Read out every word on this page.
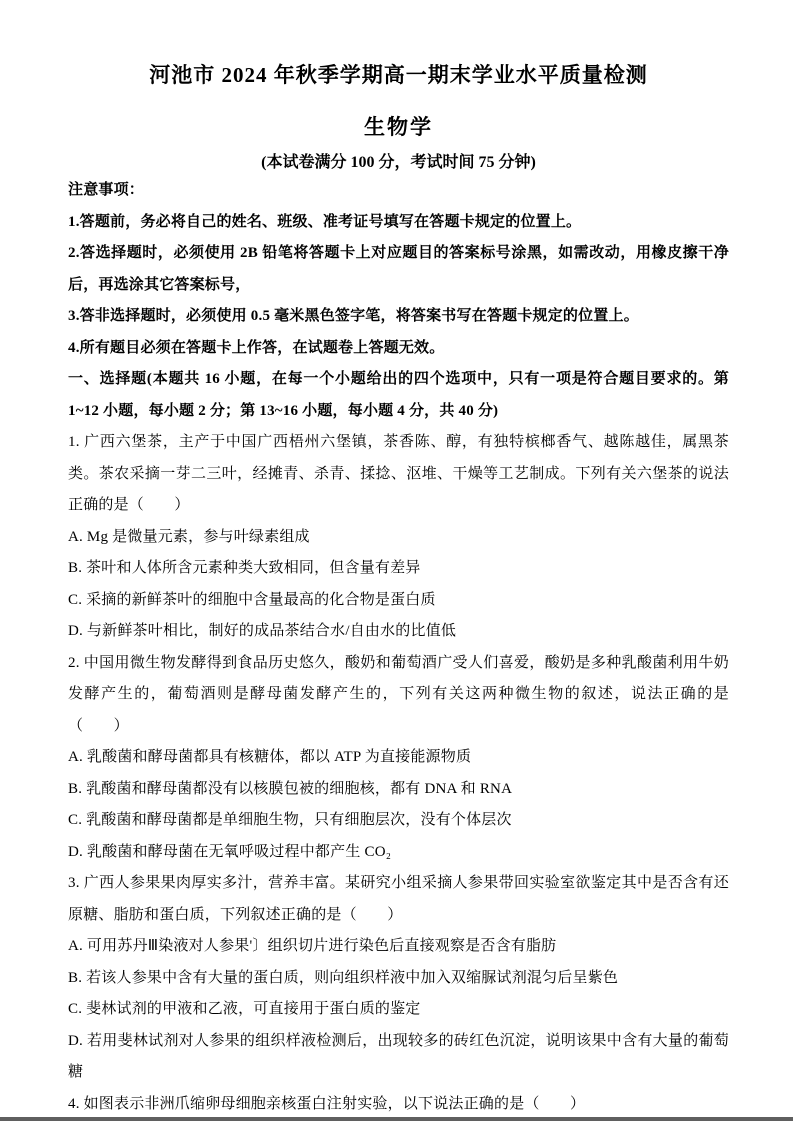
河池市 2024 年秋季学期高一期末学业水平质量检测
生物学
(本试卷满分 100 分，考试时间 75 分钟)

注意事项：

1.答题前，务必将自己的姓名、班级、准考证号填写在答题卡规定的位置上。

2.答选择题时，必须使用 2B 铅笔将答题卡上对应题目的答案标号涂黑，如需改动，用橡皮擦干净后，再选涂其它答案标号，

3.答非选择题时，必须使用 0.5 毫米黑色签字笔，将答案书写在答题卡规定的位置上。

4.所有题目必须在答题卡上作答，在试题卷上答题无效。

一、选择题(本题共 16 小题，在每一个小题给出的四个选项中，只有一项是符合题目要求的。第 1~12 小题，每小题 2 分；第 13~16 小题，每小题 4 分，共 40 分)

1. 广西六堡茶，主产于中国广西梧州六堡镇，茶香陈、醇，有独特槟榔香气、越陈越佳，属黑茶类。茶农采摘一芽二三叶，经摊青、杀青、揉捻、沤堆、干燥等工艺制成。下列有关六堡茶的说法正确的是（　　）

A. Mg 是微量元素，参与叶绿素组成

B. 茶叶和人体所含元素种类大致相同，但含量有差异

C. 采摘的新鲜茶叶的细胞中含量最高的化合物是蛋白质

D. 与新鲜茶叶相比，制好的成品茶结合水/自由水的比值低

2. 中国用微生物发酵得到食品历史悠久，酸奶和葡萄酒广受人们喜爱，酸奶是多种乳酸菌利用牛奶发酵产生的，葡萄酒则是酵母菌发酵产生的，下列有关这两种微生物的叙述，说法正确的是（　　）

A. 乳酸菌和酵母菌都具有核糖体，都以 ATP 为直接能源物质

B. 乳酸菌和酵母菌都没有以核膜包被的细胞核，都有 DNA 和 RNA

C. 乳酸菌和酵母菌都是单细胞生物，只有细胞层次，没有个体层次

D. 乳酸菌和酵母菌在无氧呼吸过程中都产生 CO₂

3. 广西人参果果肉厚实多汁，营养丰富。某研究小组采摘人参果带回实验室欲鉴定其中是否含有还原糖、脂肪和蛋白质，下列叙述正确的是（　　）

A. 可用苏丹Ⅲ染液对人参果'〕组织切片进行染色后直接观察是否含有脂肪

B. 若该人参果中含有大量的蛋白质，则向组织样液中加入双缩脲试剂混匀后呈紫色

C. 斐林试剂的甲液和乙液，可直接用于蛋白质的鉴定

D. 若用斐林试剂对人参果的组织样液检测后，出现较多的砖红色沉淀，说明该果中含有大量的葡萄糖

4. 如图表示非洲爪缩卵母细胞亲核蛋白注射实验，以下说法正确的是（　　）
